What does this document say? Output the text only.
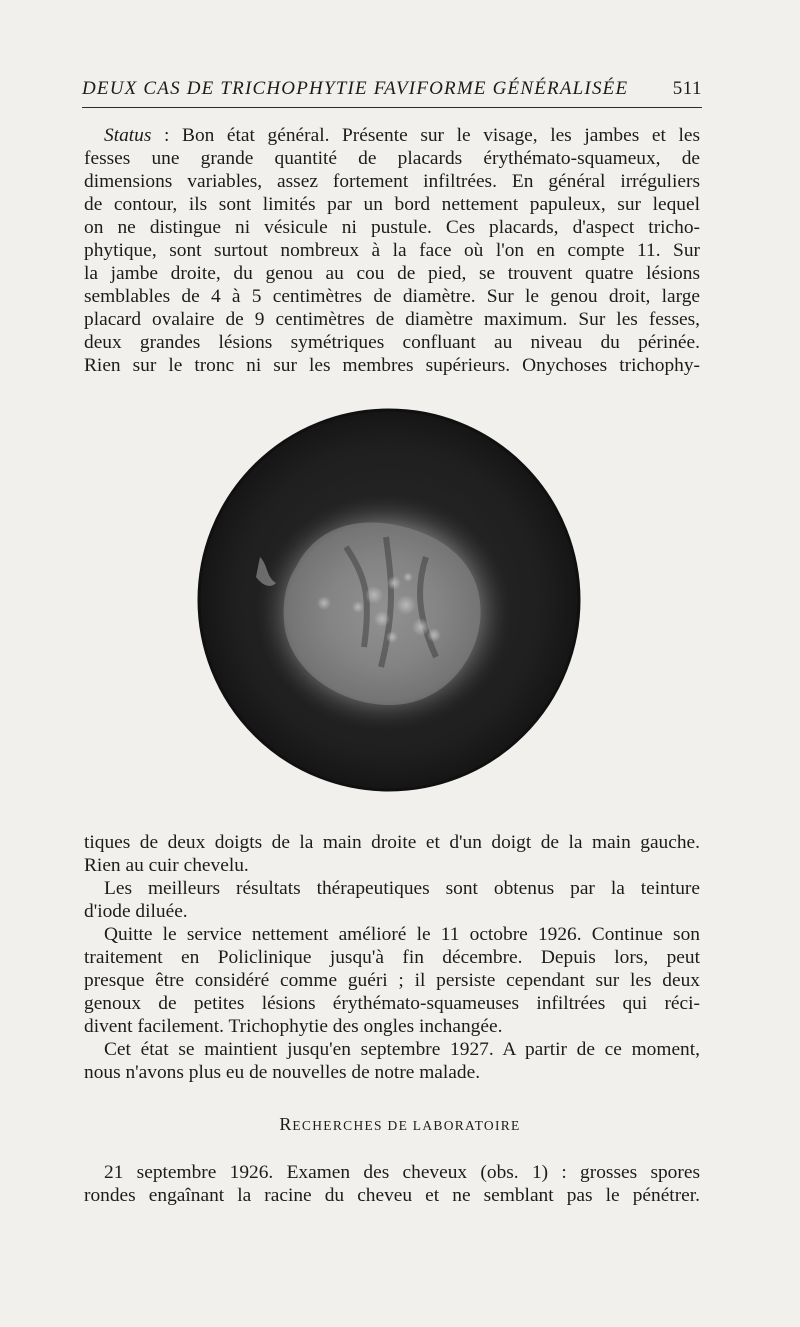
DEUX CAS DE TRICHOPHYTIE FAVIFORME GÉNÉRALISÉE 511
Status : Bon état général. Présente sur le visage, les jambes et les
fesses une grande quantité de placards érythémato-squameux, de
dimensions variables, assez fortement infiltrées. En général irréguliers
de contour, ils sont limités par un bord nettement papuleux, sur lequel
on ne distingue ni vésicule ni pustule. Ces placards, d'aspect tricho-
phytique, sont surtout nombreux à la face où l'on en compte 11. Sur
la jambe droite, du genou au cou de pied, se trouvent quatre lésions
semblables de 4 à 5 centimètres de diamètre. Sur le genou droit, large
placard ovalaire de 9 centimètres de diamètre maximum. Sur les fesses,
deux grandes lésions symétriques confluant au niveau du périnée.
Rien sur le tronc ni sur les membres supérieurs. Onychoses trichophy-
tiques de deux doigts de la main droite et d'un doigt de la main gauche.
Rien au cuir chevelu.
Les meilleurs résultats thérapeutiques sont obtenus par la teinture
d'iode diluée.
Quitte le service nettement amélioré le 11 octobre 1926. Continue son
traitement en Policlinique jusqu'à fin décembre. Depuis lors, peut
presque être considéré comme guéri ; il persiste cependant sur les deux
genoux de petites lésions érythémato-squameuses infiltrées qui réci-
divent facilement. Trichophytie des ongles inchangée.
Cet état se maintient jusqu'en septembre 1927. A partir de ce moment,
nous n'avons plus eu de nouvelles de notre malade.
RECHERCHES DE LABORATOIRE
21 septembre 1926. Examen des cheveux (obs. 1) : grosses spores
rondes engaînant la racine du cheveu et ne semblant pas le pénétrer.
